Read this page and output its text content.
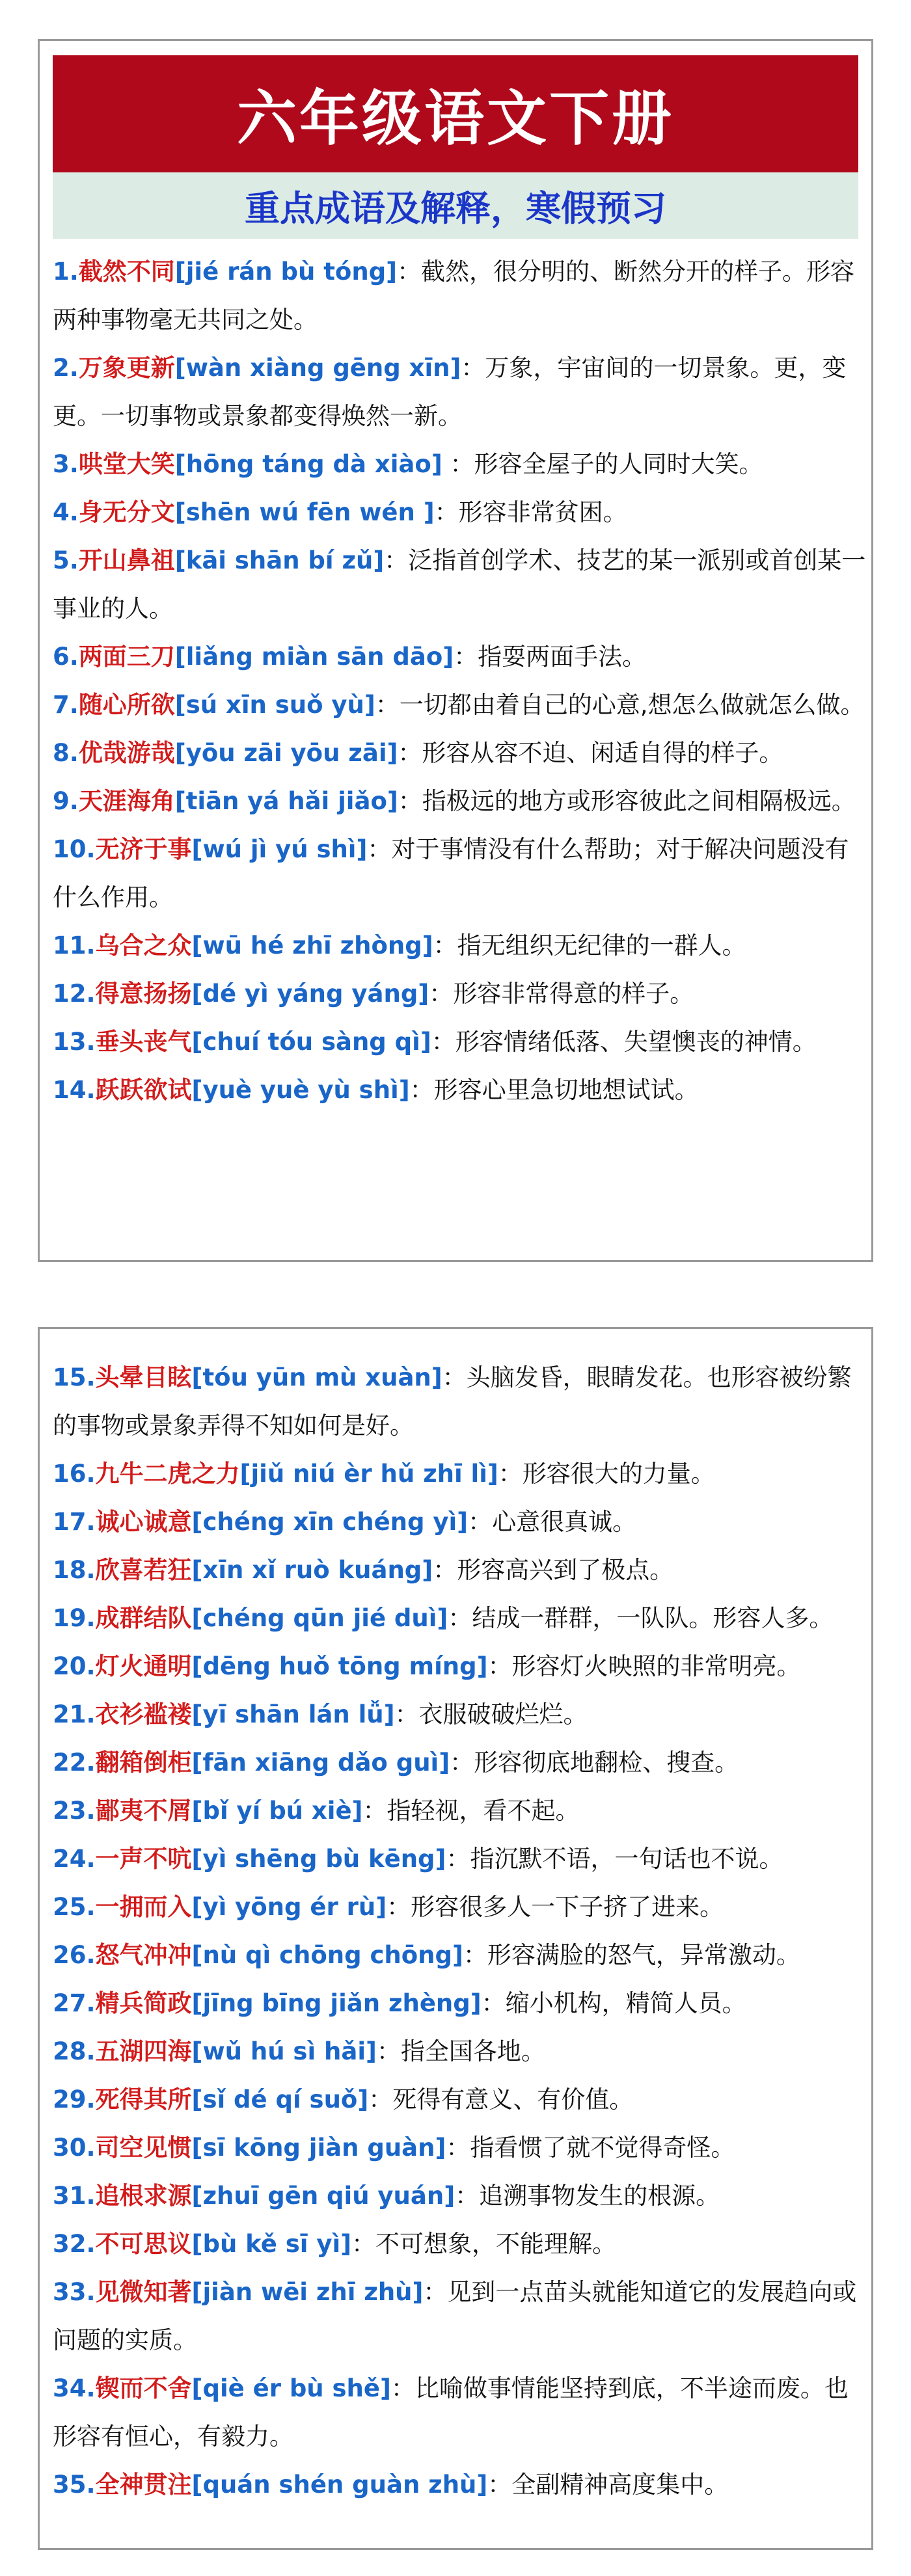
六年级语文下册
重点成语及解释，寒假预习
1.截然不同[jié rán bù tóng]：截然，很分明的、断然分开的样子。形容两种事物毫无共同之处。
2.万象更新[wàn xiàng gēng xīn]：万象，宇宙间的一切景象。更，变更。一切事物或景象都变得焕然一新。
3.哄堂大笑[hōng táng dà xiào] ：形容全屋子的人同时大笑。
4.身无分文[shēn wú fēn wén ]：形容非常贫困。
5.开山鼻祖[kāi shān bí zǔ]：泛指首创学术、技艺的某一派别或首创某一事业的人。
6.两面三刀[liǎng miàn sān dāo]：指耍两面手法。
7.随心所欲[sú xīn suǒ yù]：一切都由着自己的心意,想怎么做就怎么做。
8.优哉游哉[yōu zāi yōu zāi]：形容从容不迫、闲适自得的样子。
9.天涯海角[tiān yá hǎi jiǎo]：指极远的地方或形容彼此之间相隔极远。
10.无济于事[wú jì yú shì]：对于事情没有什么帮助；对于解决问题没有什么作用。
11.乌合之众[wū hé zhī zhòng]：指无组织无纪律的一群人。
12.得意扬扬[dé yì yáng yáng]：形容非常得意的样子。
13.垂头丧气[chuí tóu sàng qì]：形容情绪低落、失望懊丧的神情。
14.跃跃欲试[yuè yuè yù shì]：形容心里急切地想试试。
15.头晕目眩[tóu yūn mù xuàn]：头脑发昏，眼睛发花。也形容被纷繁的事物或景象弄得不知如何是好。
16.九牛二虎之力[jiǔ niú èr hǔ zhī lì]：形容很大的力量。
17.诚心诚意[chéng xīn chéng yì]：心意很真诚。
18.欣喜若狂[xīn xǐ ruò kuáng]：形容高兴到了极点。
19.成群结队[chéng qūn jié duì]：结成一群群，一队队。形容人多。
20.灯火通明[dēng huǒ tōng míng]：形容灯火映照的非常明亮。
21.衣衫褴褛[yī shān lán lǚ]：衣服破破烂烂。
22.翻箱倒柜[fān xiāng dǎo guì]：形容彻底地翻检、搜查。
23.鄙夷不屑[bǐ yí bú xiè]：指轻视，看不起。
24.一声不吭[yì shēng bù kēng]：指沉默不语，一句话也不说。
25.一拥而入[yì yōng ér rù]：形容很多人一下子挤了进来。
26.怒气冲冲[nù qì chōng chōng]：形容满脸的怒气，异常激动。
27.精兵简政[jīng bīng jiǎn zhèng]：缩小机构，精简人员。
28.五湖四海[wǔ hú sì hǎi]：指全国各地。
29.死得其所[sǐ dé qí suǒ]：死得有意义、有价值。
30.司空见惯[sī kōng jiàn guàn]：指看惯了就不觉得奇怪。
31.追根求源[zhuī gēn qiú yuán]：追溯事物发生的根源。
32.不可思议[bù kě sī yì]：不可想象，不能理解。
33.见微知著[jiàn wēi zhī zhù]：见到一点苗头就能知道它的发展趋向或问题的实质。
34.锲而不舍[qiè ér bù shě]：比喻做事情能坚持到底，不半途而废。也形容有恒心，有毅力。
35.全神贯注[quán shén guàn zhù]：全副精神高度集中。
